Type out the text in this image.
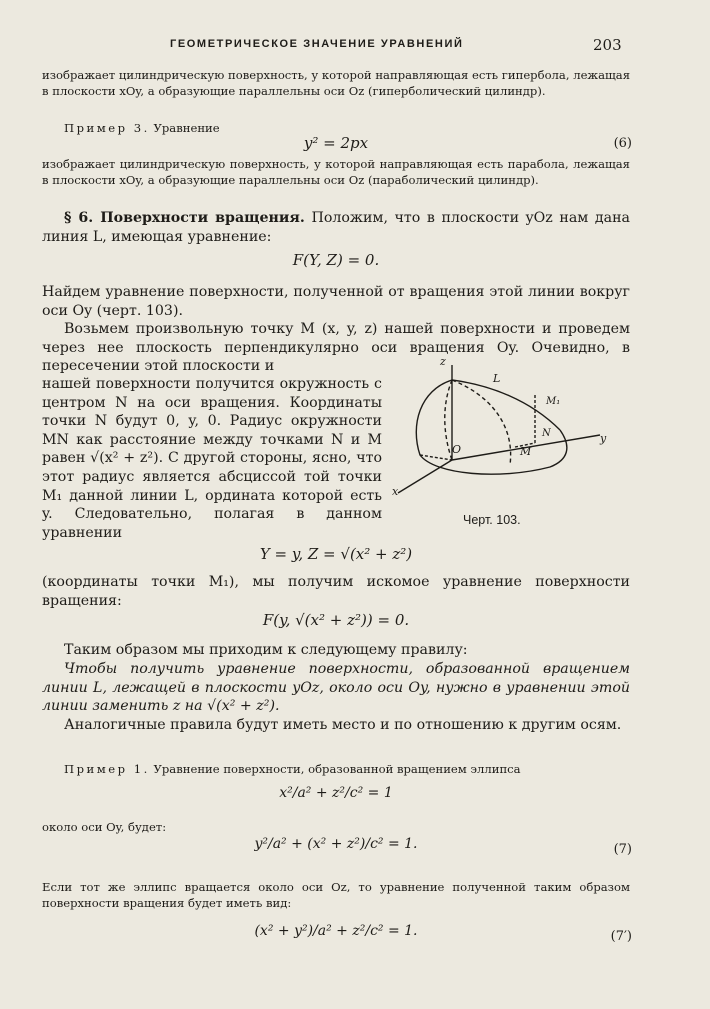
ГЕОМЕТРИЧЕСКОЕ ЗНАЧЕНИЕ УРАВНЕНИЙ	203
изображает цилиндрическую поверхность, у которой направляющая есть гипербола, лежащая в плоскости xOy, а образующие параллельны оси Oz (гиперболический цилиндр).
Пример 3. Уравнение
y² = 2px	(6)
изображает цилиндрическую поверхность, у которой направляющая есть парабола, лежащая в плоскости xOy, а образующие параллельны оси Oz (параболический цилиндр).
§ 6. Поверхности вращения. Положим, что в плоскости yOz нам дана линия L, имеющая уравнение:
F(Y, Z) = 0.
Найдем уравнение поверхности, полученной от вращения этой линии вокруг оси Oy (черт. 103).
Возьмем произвольную точку M (x, y, z) нашей поверхности и проведем через нее плоскость перпендикулярно оси вращения Oy. Очевидно, в пересечении этой плоскости и
нашей поверхности получится окружность с центром N на оси вращения. Координаты точки N будут 0, y, 0. Радиус окружности MN как расстояние между точками N и M равен √(x² + z²). С другой стороны, ясно, что этот радиус является абсциссой той точки M₁ данной линии L, ордината которой есть y. Следовательно, полагая в данном уравнении
z
L
M₁
N	y
O	M
x
Черт. 103.
Y = y, Z = √(x² + z²)
(координаты точки M₁), мы получим искомое уравнение поверхности вращения:
F(y, √(x² + z²)) = 0.
Таким образом мы приходим к следующему правилу:
Чтобы получить уравнение поверхности, образованной вращением линии L, лежащей в плоскости yOz, около оси Oy, нужно в уравнении этой линии заменить z на √(x² + z²).
Аналогичные правила будут иметь место и по отношению к другим осям.
Пример 1. Уравнение поверхности, образованной вращением эллипса
x²/a² + z²/c² = 1
около оси Oy, будет:
y²/a² + (x² + z²)/c² = 1.	(7)
Если тот же эллипс вращается около оси Oz, то уравнение полученной таким образом поверхности вращения будет иметь вид:
(x² + y²)/a² + z²/c² = 1.	(7′)
